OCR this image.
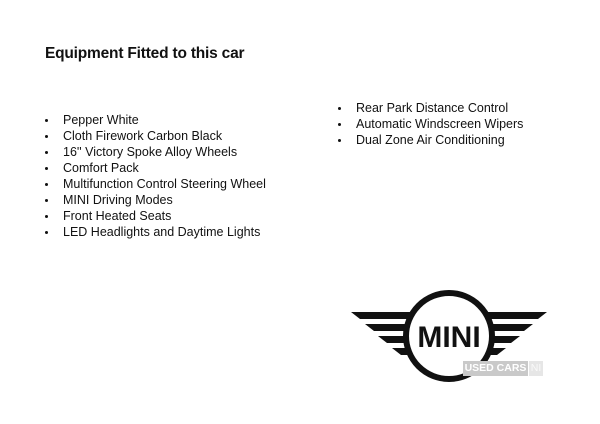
Equipment Fitted to this car
Pepper White
Cloth Firework Carbon Black
16'' Victory Spoke Alloy Wheels
Comfort Pack
Multifunction Control Steering Wheel
MINI Driving Modes
Front Heated Seats
LED Headlights and Daytime Lights
Rear Park Distance Control
Automatic Windscreen Wipers
Dual Zone Air Conditioning
MINI
USED CARS NI
